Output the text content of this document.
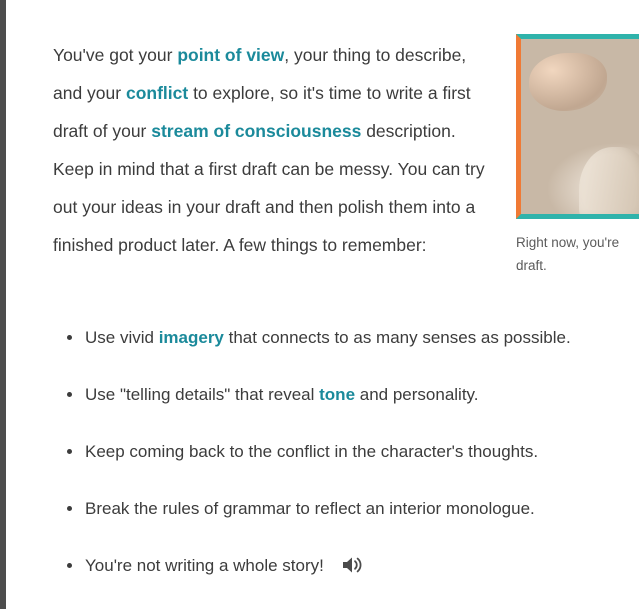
You've got your point of view, your thing to describe, and your conflict to explore, so it's time to write a first draft of your stream of consciousness description. Keep in mind that a first draft can be messy. You can try out your ideas in your draft and then polish them into a finished product later. A few things to remember:

Use vivid imagery that connects to as many senses as possible.
Use "telling details" that reveal tone and personality.
Keep coming back to the conflict in the character's thoughts.
Break the rules of grammar to reflect an interior monologue.
You're not writing a whole story!
Right now, you're
draft.
